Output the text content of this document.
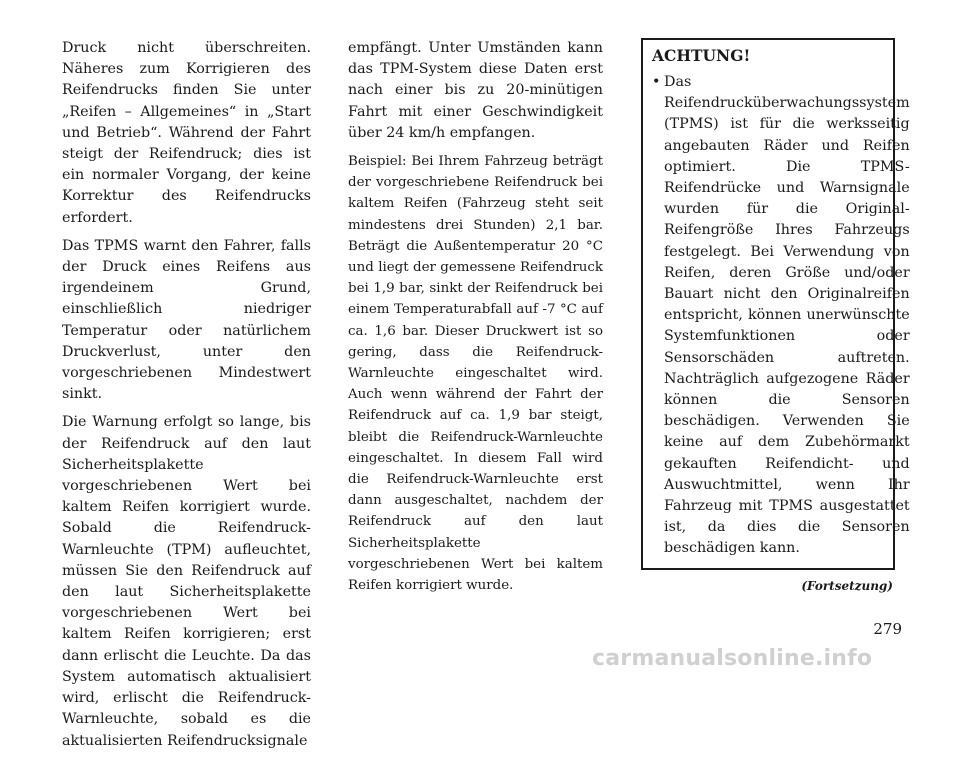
Druck nicht überschreiten. Näheres zum Korrigieren des Reifendrucks finden Sie unter „Reifen – Allgemeines“ in „Start und Betrieb“. Während der Fahrt steigt der Reifendruck; dies ist ein normaler Vorgang, der keine Korrektur des Reifendrucks erfordert.

Das TPMS warnt den Fahrer, falls der Druck eines Reifens aus irgendeinem Grund, einschließlich niedriger Temperatur oder natürlichem Druckverlust, unter den vorgeschriebenen Mindestwert sinkt.

Die Warnung erfolgt so lange, bis der Reifendruck auf den laut Sicherheitsplakette vorgeschriebenen Wert bei kaltem Reifen korrigiert wurde. Sobald die Reifendruck-Warnleuchte (TPM) aufleuchtet, müssen Sie den Reifendruck auf den laut Sicherheitsplakette vorgeschriebenen Wert bei kaltem Reifen korrigieren; erst dann erlischt die Leuchte. Da das System automatisch aktualisiert wird, erlischt die Reifendruck-Warnleuchte, sobald es die aktualisierten Reifendrucksignale

empfängt. Unter Umständen kann das TPM-System diese Daten erst nach einer bis zu 20-minütigen Fahrt mit einer Geschwindigkeit über 24 km/h empfangen.

Beispiel: Bei Ihrem Fahrzeug beträgt der vorgeschriebene Reifendruck bei kaltem Reifen (Fahrzeug steht seit mindestens drei Stunden) 2,1 bar. Beträgt die Außentemperatur 20 °C und liegt der gemessene Reifendruck bei 1,9 bar, sinkt der Reifendruck bei einem Temperaturabfall auf -7 °C auf ca. 1,6 bar. Dieser Druckwert ist so gering, dass die Reifendruck-Warnleuchte eingeschaltet wird. Auch wenn während der Fahrt der Reifendruck auf ca. 1,9 bar steigt, bleibt die Reifendruck-Warnleuchte eingeschaltet. In diesem Fall wird die Reifendruck-Warnleuchte erst dann ausgeschaltet, nachdem der Reifendruck auf den laut Sicherheitsplakette vorgeschriebenen Wert bei kaltem Reifen korrigiert wurde.

ACHTUNG!
• Das Reifendrucküberwachungssystem (TPMS) ist für die werksseitig angebauten Räder und Reifen optimiert. Die TPMS-Reifendrücke und Warnsignale wurden für die Original-Reifengröße Ihres Fahrzeugs festgelegt. Bei Verwendung von Reifen, deren Größe und/oder Bauart nicht den Originalreifen entspricht, können unerwünschte Systemfunktionen oder Sensorschäden auftreten. Nachträglich aufgezogene Räder können die Sensoren beschädigen. Verwenden Sie keine auf dem Zubehörmarkt gekauften Reifendicht- und Auswuchtmittel, wenn Ihr Fahrzeug mit TPMS ausgestattet ist, da dies die Sensoren beschädigen kann.
(Fortsetzung)
279
carmanualsonline.info
